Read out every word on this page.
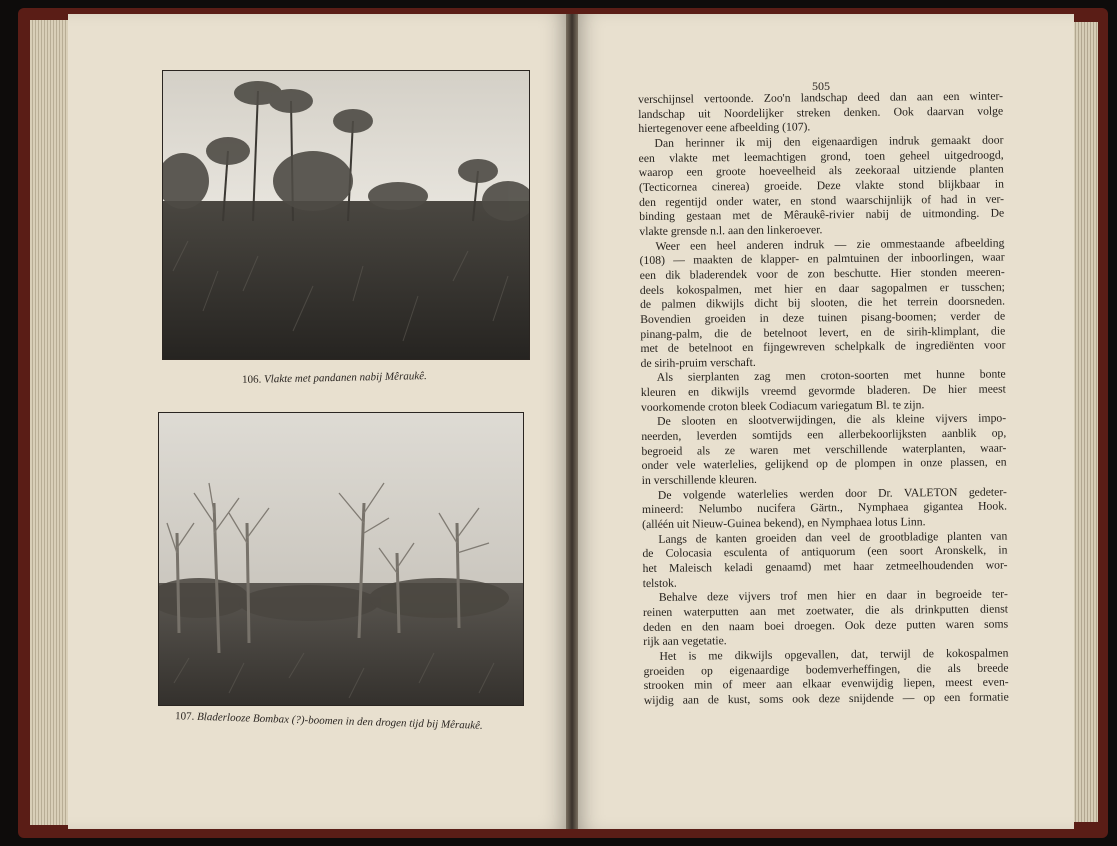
106. Vlakte met pandanen nabij Mêraukê.
107. Bladerlooze Bombax (?)-boomen in den drogen tijd bij Mêraukê.
505
verschijnsel vertoonde. Zoo'n landschap deed dan aan een winter-
landschap uit Noordelijker streken denken. Ook daarvan volge
hiertegenover eene afbeelding (107).
Dan herinner ik mij den eigenaardigen indruk gemaakt door
een vlakte met leemachtigen grond, toen geheel uitgedroogd,
waarop een groote hoeveelheid als zeekoraal uitziende planten
(Tecticornea cinerea) groeide. Deze vlakte stond blijkbaar in
den regentijd onder water, en stond waarschijnlijk of had in ver-
binding gestaan met de Mêraukê-rivier nabij de uitmonding. De
vlakte grensde n.l. aan den linkeroever.
Weer een heel anderen indruk — zie ommestaande afbeelding
(108) — maakten de klapper- en palmtuinen der inboorlingen, waar
een dik bladerendek voor de zon beschutte. Hier stonden meeren-
deels kokospalmen, met hier en daar sagopalmen er tusschen;
de palmen dikwijls dicht bij slooten, die het terrein doorsneden.
Bovendien groeiden in deze tuinen pisang-boomen; verder de
pinang-palm, die de betelnoot levert, en de sirih-klimplant, die
met de betelnoot en fijngewreven schelpkalk de ingrediënten voor
de sirih-pruim verschaft.
Als sierplanten zag men croton-soorten met hunne bonte
kleuren en dikwijls vreemd gevormde bladeren. De hier meest
voorkomende croton bleek Codiacum variegatum Bl. te zijn.
De slooten en slootverwijdingen, die als kleine vijvers impo-
neerden, leverden somtijds een allerbekoorlijksten aanblik op,
begroeid als ze waren met verschillende waterplanten, waar-
onder vele waterlelies, gelijkend op de plompen in onze plassen, en
in verschillende kleuren.
De volgende waterlelies werden door Dr. VALETON gedeter-
mineerd: Nelumbo nucifera Gärtn., Nymphaea gigantea Hook.
(alléén uit Nieuw-Guinea bekend), en Nymphaea lotus Linn.
Langs de kanten groeiden dan veel de grootbladige planten van
de Colocasia esculenta of antiquorum (een soort Aronskelk, in
het Maleisch keladi genaamd) met haar zetmeelhoudenden wor-
telstok.
Behalve deze vijvers trof men hier en daar in begroeide ter-
reinen waterputten aan met zoetwater, die als drinkputten dienst
deden en den naam boei droegen. Ook deze putten waren soms
rijk aan vegetatie.
Het is me dikwijls opgevallen, dat, terwijl de kokospalmen
groeiden op eigenaardige bodemverheffingen, die als breede
strooken min of meer aan elkaar evenwijdig liepen, meest even-
wijdig aan de kust, soms ook deze snijdende — op een formatie
